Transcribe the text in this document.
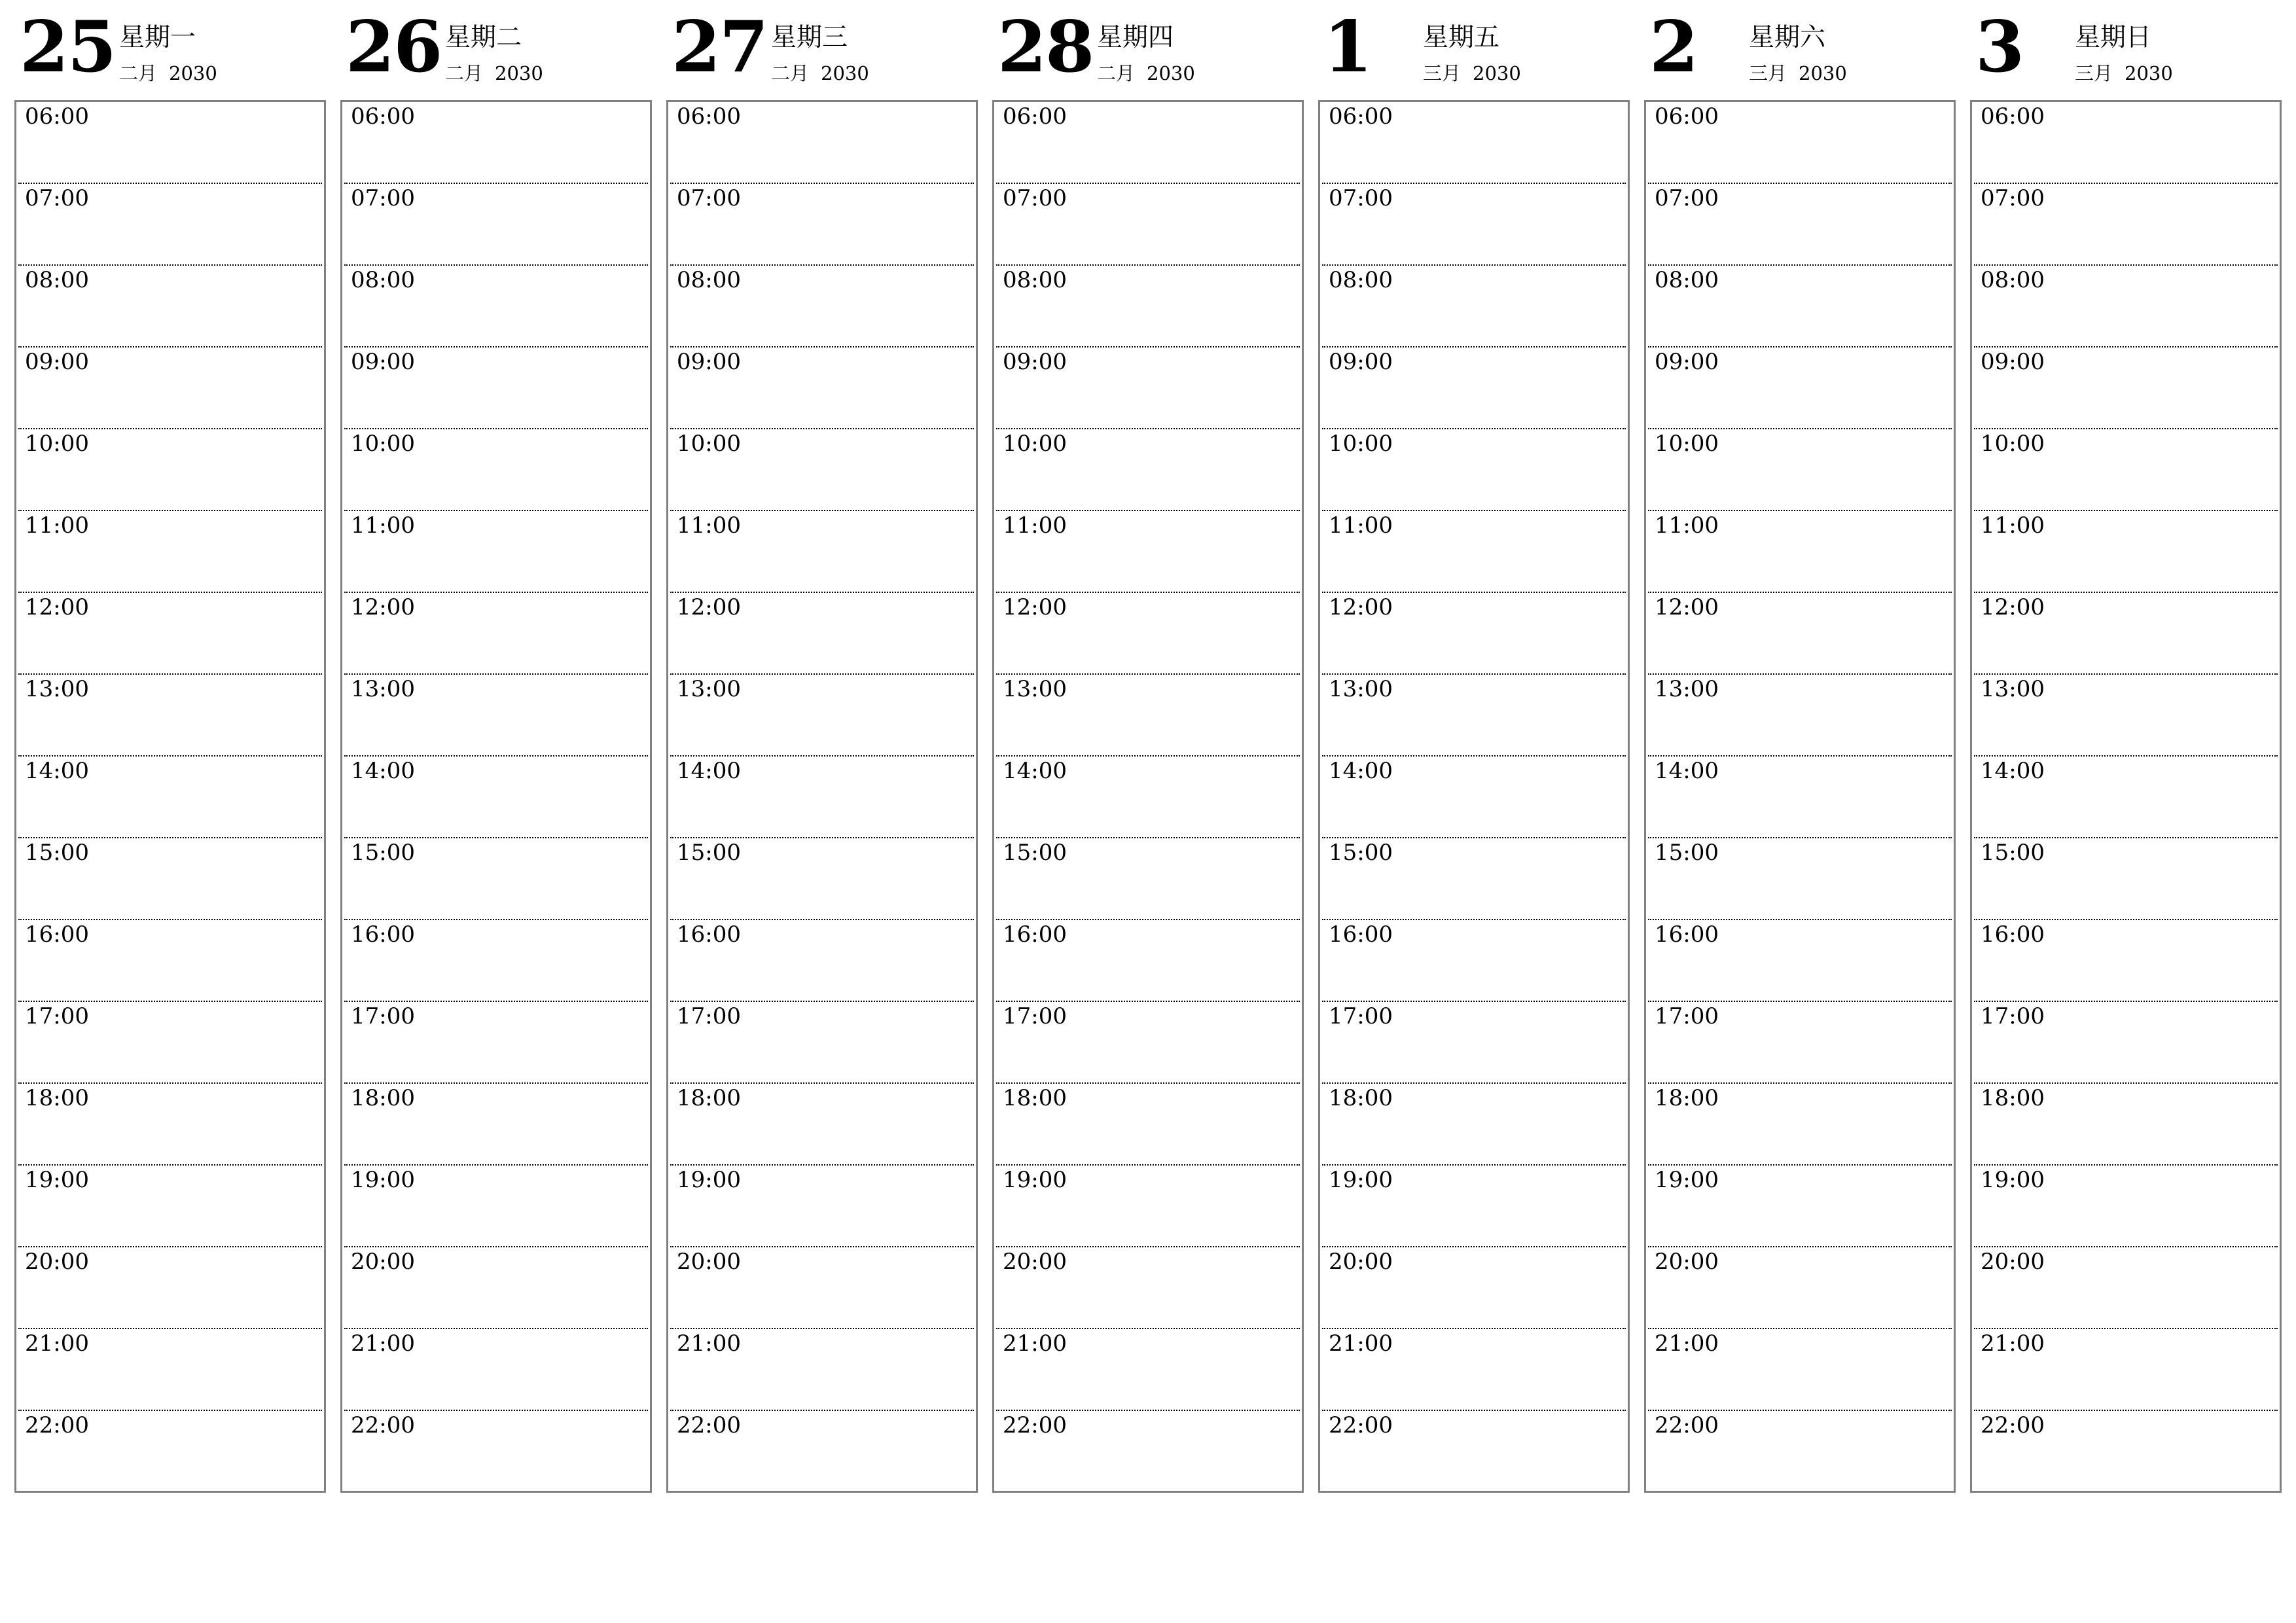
25 星期一
二月 2030
06:00
07:00
08:00
09:00
10:00
11:00
12:00
13:00
14:00
15:00
16:00
17:00
18:00
19:00
20:00
21:00
22:00
26 星期二
二月 2030
06:00
07:00
08:00
09:00
10:00
11:00
12:00
13:00
14:00
15:00
16:00
17:00
18:00
19:00
20:00
21:00
22:00
27 星期三
二月 2030
06:00
07:00
08:00
09:00
10:00
11:00
12:00
13:00
14:00
15:00
16:00
17:00
18:00
19:00
20:00
21:00
22:00
28 星期四
二月 2030
06:00
07:00
08:00
09:00
10:00
11:00
12:00
13:00
14:00
15:00
16:00
17:00
18:00
19:00
20:00
21:00
22:00
1 星期五
三月 2030
06:00
07:00
08:00
09:00
10:00
11:00
12:00
13:00
14:00
15:00
16:00
17:00
18:00
19:00
20:00
21:00
22:00
2 星期六
三月 2030
06:00
07:00
08:00
09:00
10:00
11:00
12:00
13:00
14:00
15:00
16:00
17:00
18:00
19:00
20:00
21:00
22:00
3 星期日
三月 2030
06:00
07:00
08:00
09:00
10:00
11:00
12:00
13:00
14:00
15:00
16:00
17:00
18:00
19:00
20:00
21:00
22:00
